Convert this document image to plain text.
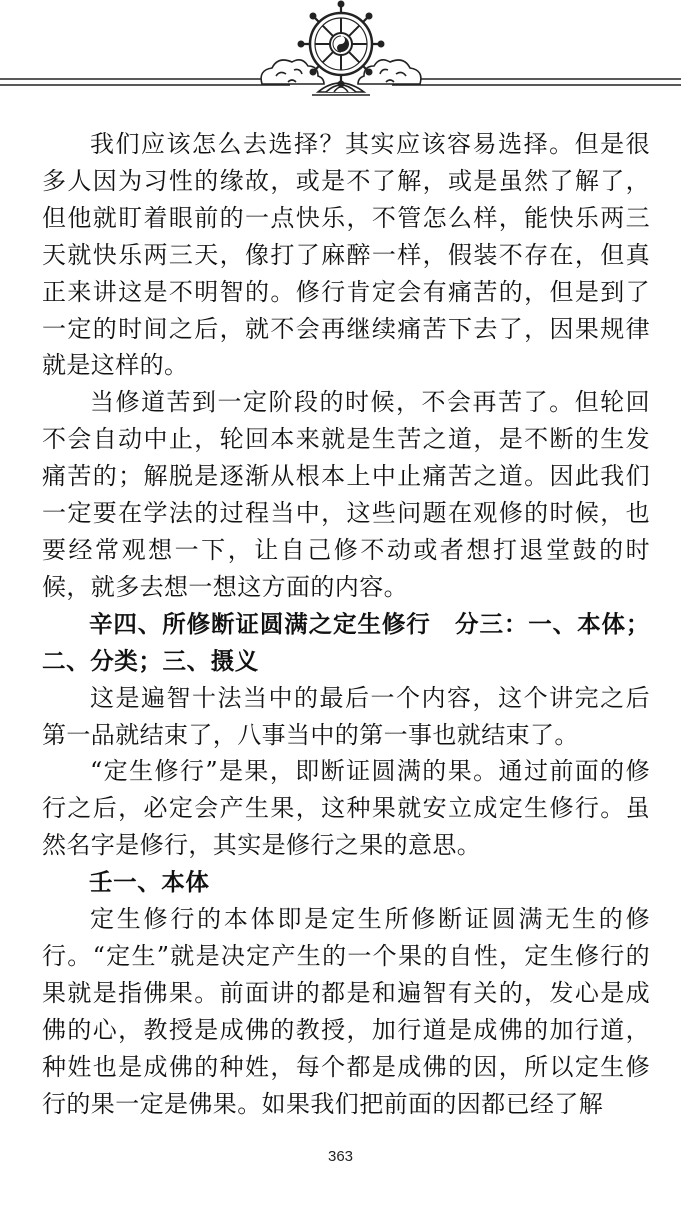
我们应该怎么去选择？其实应该容易选择。但是很多人因为习性的缘故，或是不了解，或是虽然了解了，但他就盯着眼前的一点快乐，不管怎么样，能快乐两三天就快乐两三天，像打了麻醉一样，假装不存在，但真正来讲这是不明智的。修行肯定会有痛苦的，但是到了一定的时间之后，就不会再继续痛苦下去了，因果规律就是这样的。

当修道苦到一定阶段的时候，不会再苦了。但轮回不会自动中止，轮回本来就是生苦之道，是不断的生发痛苦的；解脱是逐渐从根本上中止痛苦之道。因此我们一定要在学法的过程当中，这些问题在观修的时候，也要经常观想一下，让自己修不动或者想打退堂鼓的时候，就多去想一想这方面的内容。

辛四、所修断证圆满之定生修行　分三：一、本体；二、分类；三、摄义

这是遍智十法当中的最后一个内容，这个讲完之后第一品就结束了，八事当中的第一事也就结束了。

“定生修行”是果，即断证圆满的果。通过前面的修行之后，必定会产生果，这种果就安立成定生修行。虽然名字是修行，其实是修行之果的意思。

壬一、本体

定生修行的本体即是定生所修断证圆满无生的修行。“定生”就是决定产生的一个果的自性，定生修行的果就是指佛果。前面讲的都是和遍智有关的，发心是成佛的心，教授是成佛的教授，加行道是成佛的加行道，种姓也是成佛的种姓，每个都是成佛的因，所以定生修行的果一定是佛果。如果我们把前面的因都已经了解

363
